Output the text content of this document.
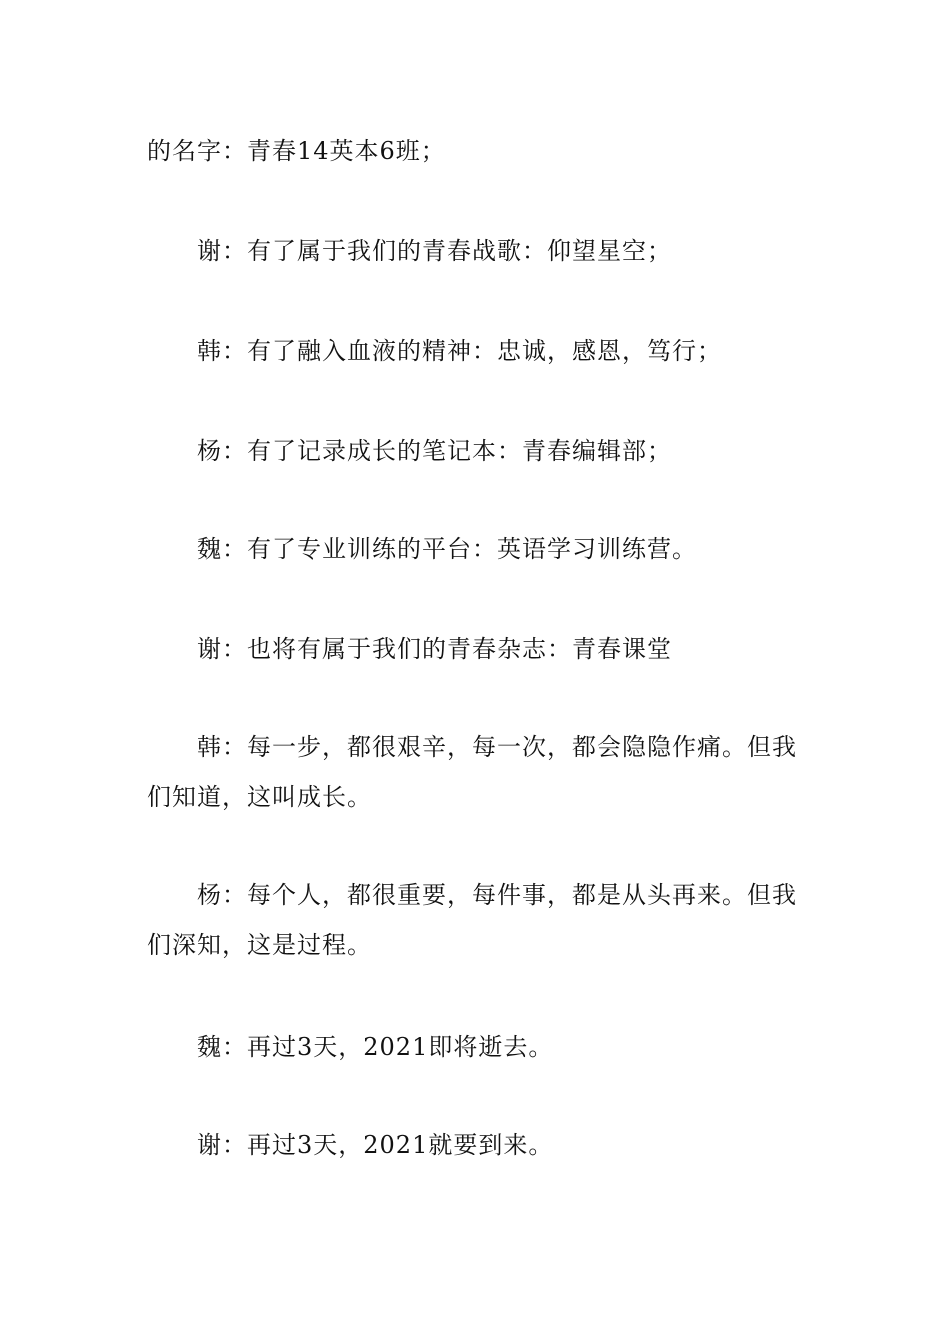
的名字：青春14英本6班；

谢：有了属于我们的青春战歌：仰望星空；

韩：有了融入血液的精神：忠诚，感恩，笃行；

杨：有了记录成长的笔记本：青春编辑部；

魏：有了专业训练的平台：英语学习训练营。

谢：也将有属于我们的青春杂志：青春课堂

韩：每一步，都很艰辛，每一次，都会隐隐作痛。但我们知道，这叫成长。

杨：每个人，都很重要，每件事，都是从头再来。但我们深知，这是过程。

魏：再过3天，2021即将逝去。

谢：再过3天，2021就要到来。
